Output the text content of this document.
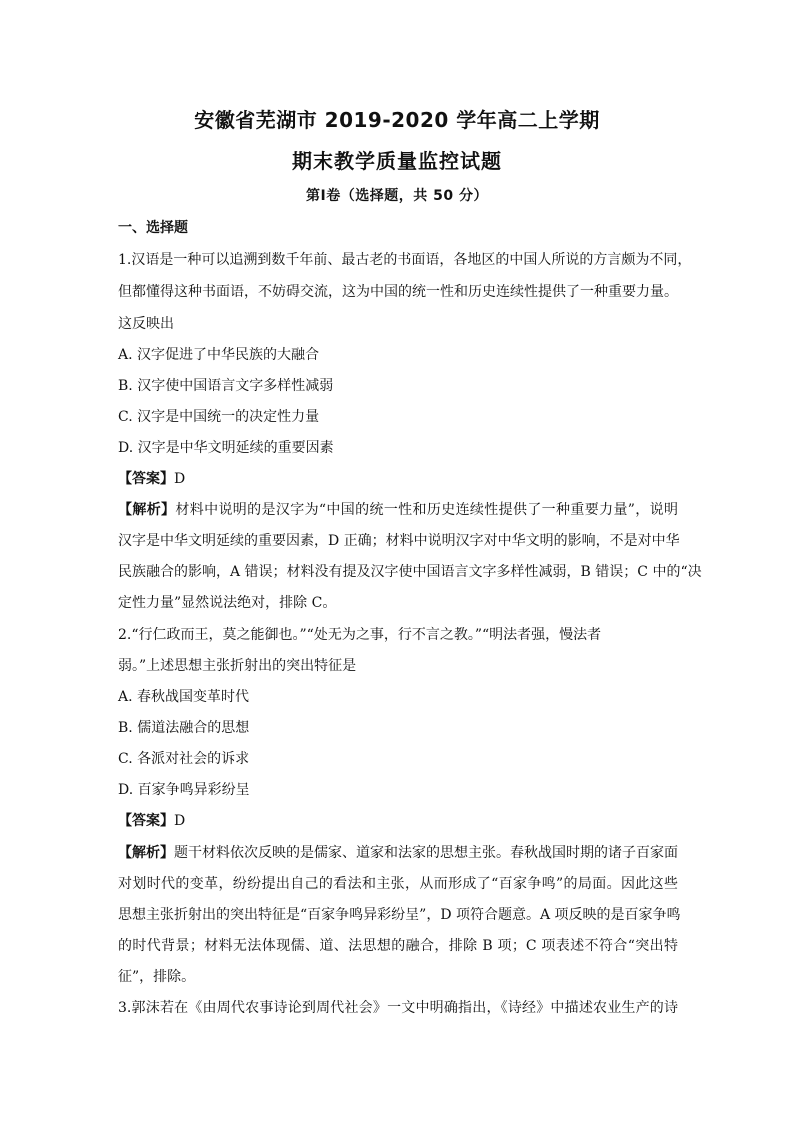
安徽省芜湖市 2019-2020 学年高二上学期
期末教学质量监控试题
第Ⅰ卷（选择题，共 50 分）
一、选择题
1.汉语是一种可以追溯到数千年前、最古老的书面语，各地区的中国人所说的方言颇为不同，
但都懂得这种书面语，不妨碍交流，这为中国的统一性和历史连续性提供了一种重要力量。
这反映出
A. 汉字促进了中华民族的大融合
B. 汉字使中国语言文字多样性减弱
C. 汉字是中国统一的决定性力量
D. 汉字是中华文明延续的重要因素
【答案】D
【解析】材料中说明的是汉字为“中国的统一性和历史连续性提供了一种重要力量”，说明
汉字是中华文明延续的重要因素，D 正确；材料中说明汉字对中华文明的影响，不是对中华
民族融合的影响，A 错误；材料没有提及汉字使中国语言文字多样性减弱，B 错误；C 中的“决
定性力量”显然说法绝对，排除 C。
2.“行仁政而王，莫之能御也。”“处无为之事，行不言之教。”“明法者强，慢法者
弱。”上述思想主张折射出的突出特征是
A. 春秋战国变革时代
B. 儒道法融合的思想
C. 各派对社会的诉求
D. 百家争鸣异彩纷呈
【答案】D
【解析】题干材料依次反映的是儒家、道家和法家的思想主张。春秋战国时期的诸子百家面
对划时代的变革，纷纷提出自己的看法和主张，从而形成了“百家争鸣”的局面。因此这些
思想主张折射出的突出特征是“百家争鸣异彩纷呈”，D 项符合题意。A 项反映的是百家争鸣
的时代背景；材料无法体现儒、道、法思想的融合，排除 B 项；C 项表述不符合“突出特
征”，排除。
3.郭沫若在《由周代农事诗论到周代社会》一文中明确指出，《诗经》中描述农业生产的诗
